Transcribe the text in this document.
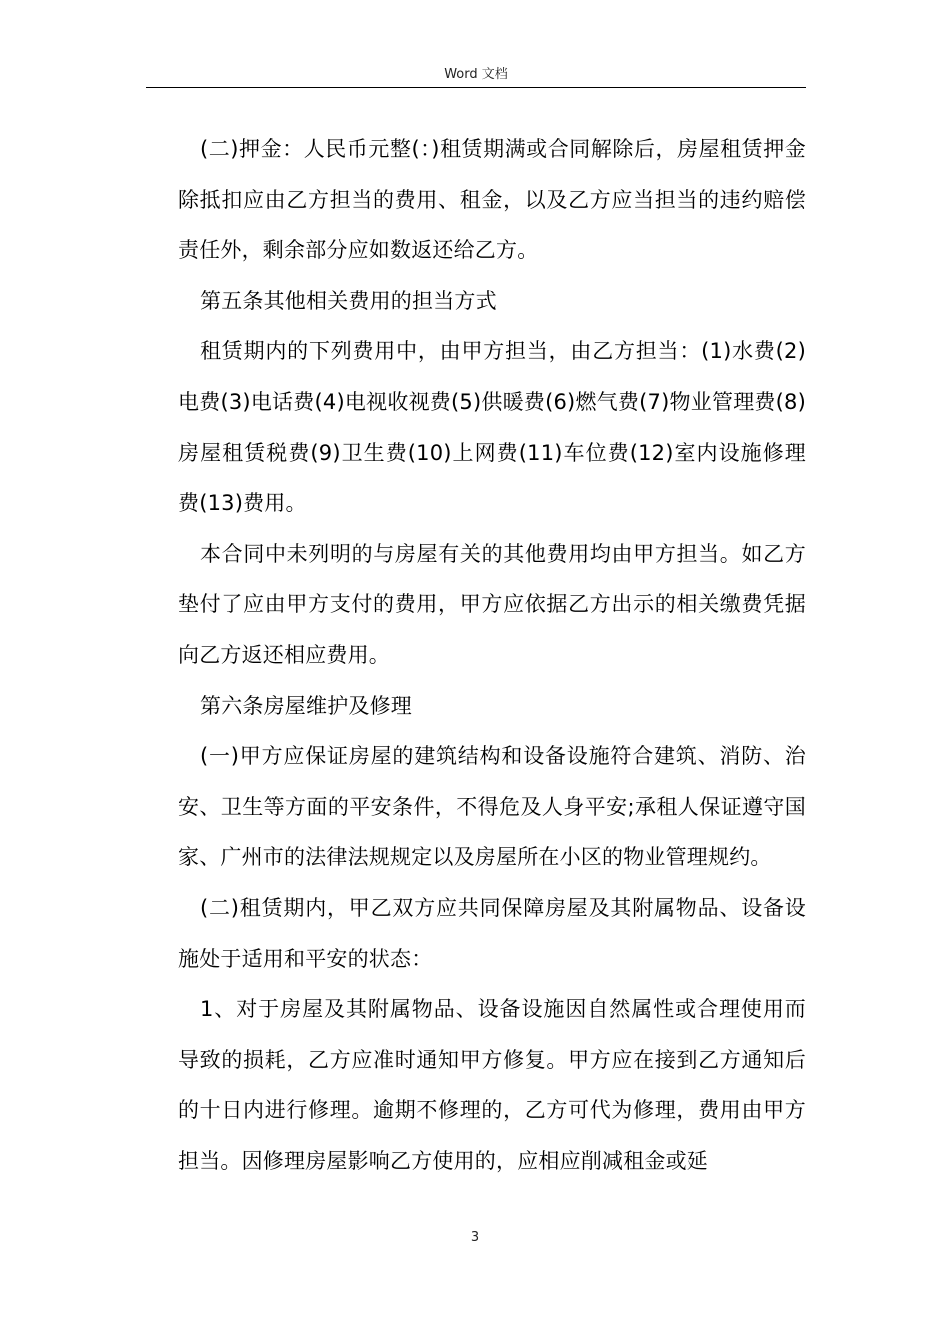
Word 文档

(二)押金：人民币元整(：)租赁期满或合同解除后，房屋租赁押金除抵扣应由乙方担当的费用、租金，以及乙方应当担当的违约赔偿责任外，剩余部分应如数返还给乙方。

第五条其他相关费用的担当方式

租赁期内的下列费用中，由甲方担当，由乙方担当：(1)水费(2)电费(3)电话费(4)电视收视费(5)供暖费(6)燃气费(7)物业管理费(8)房屋租赁税费(9)卫生费(10)上网费(11)车位费(12)室内设施修理费(13)费用。

本合同中未列明的与房屋有关的其他费用均由甲方担当。如乙方垫付了应由甲方支付的费用，甲方应依据乙方出示的相关缴费凭据向乙方返还相应费用。

第六条房屋维护及修理

(一)甲方应保证房屋的建筑结构和设备设施符合建筑、消防、治安、卫生等方面的平安条件，不得危及人身平安;承租人保证遵守国家、广州市的法律法规规定以及房屋所在小区的物业管理规约。

(二)租赁期内，甲乙双方应共同保障房屋及其附属物品、设备设施处于适用和平安的状态：

1、对于房屋及其附属物品、设备设施因自然属性或合理使用而导致的损耗，乙方应准时通知甲方修复。甲方应在接到乙方通知后的十日内进行修理。逾期不修理的，乙方可代为修理，费用由甲方担当。因修理房屋影响乙方使用的，应相应削减租金或延

3
